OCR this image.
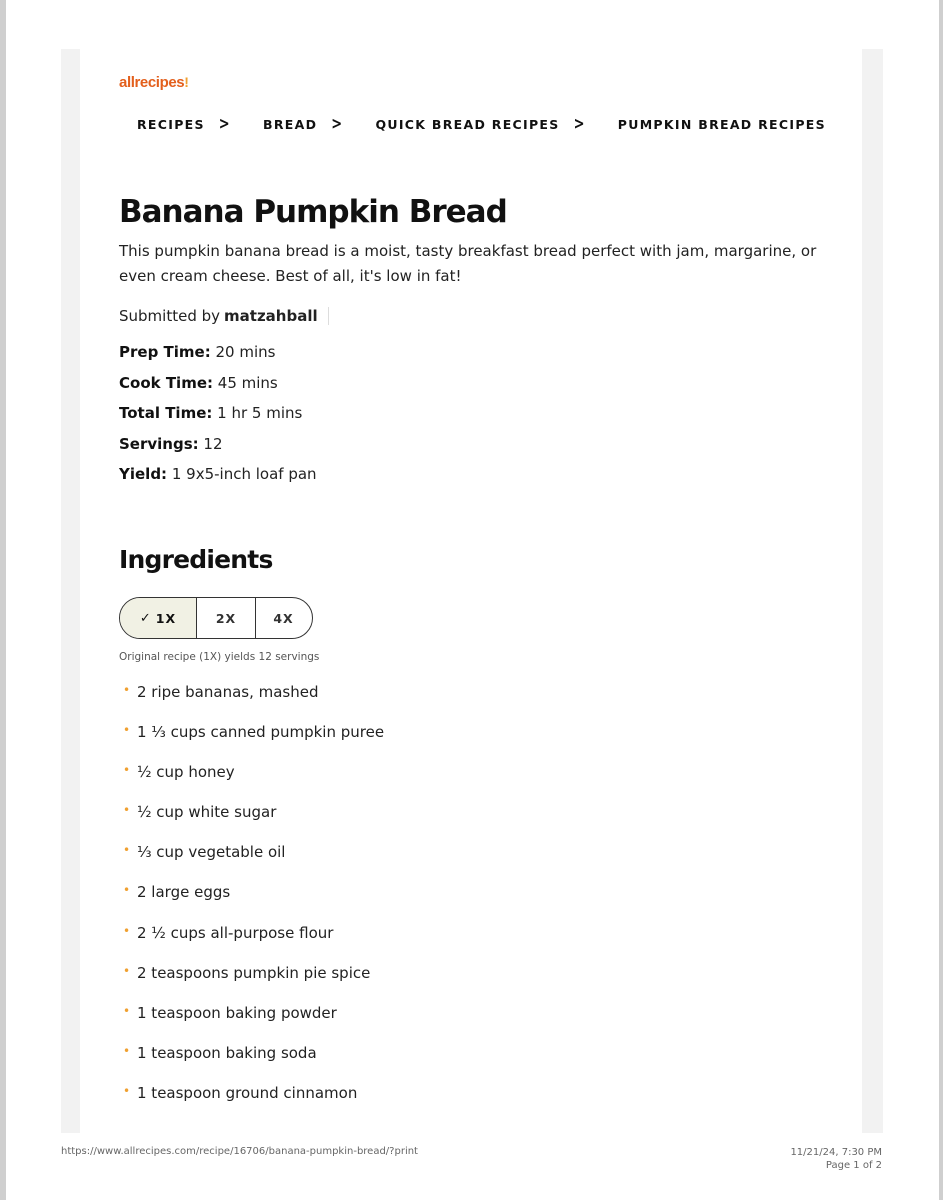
allrecipes!
RECIPES >	BREAD >	QUICK BREAD RECIPES >	PUMPKIN BREAD RECIPES
Banana Pumpkin Bread

This pumpkin banana bread is a moist, tasty breakfast bread perfect with jam, margarine, or even cream cheese. Best of all, it's low in fat!

Submitted by matzahball
Prep Time: 20 mins
Cook Time: 45 mins
Total Time: 1 hr 5 mins
Servings: 12
Yield: 1 9x5-inch loaf pan
Ingredients
✓ 1X	2X	4X

Original recipe (1X) yields 12 servings

• 2 ripe bananas, mashed
• 1 ⅓ cups canned pumpkin puree
• ½ cup honey
• ½ cup white sugar
• ⅓ cup vegetable oil
• 2 large eggs
• 2 ½ cups all-purpose flour
• 2 teaspoons pumpkin pie spice
• 1 teaspoon baking powder
• 1 teaspoon baking soda
• 1 teaspoon ground cinnamon
https://www.allrecipes.com/recipe/16706/banana-pumpkin-bread/?print	11/21/24, 7:30 PM
Page 1 of 2
